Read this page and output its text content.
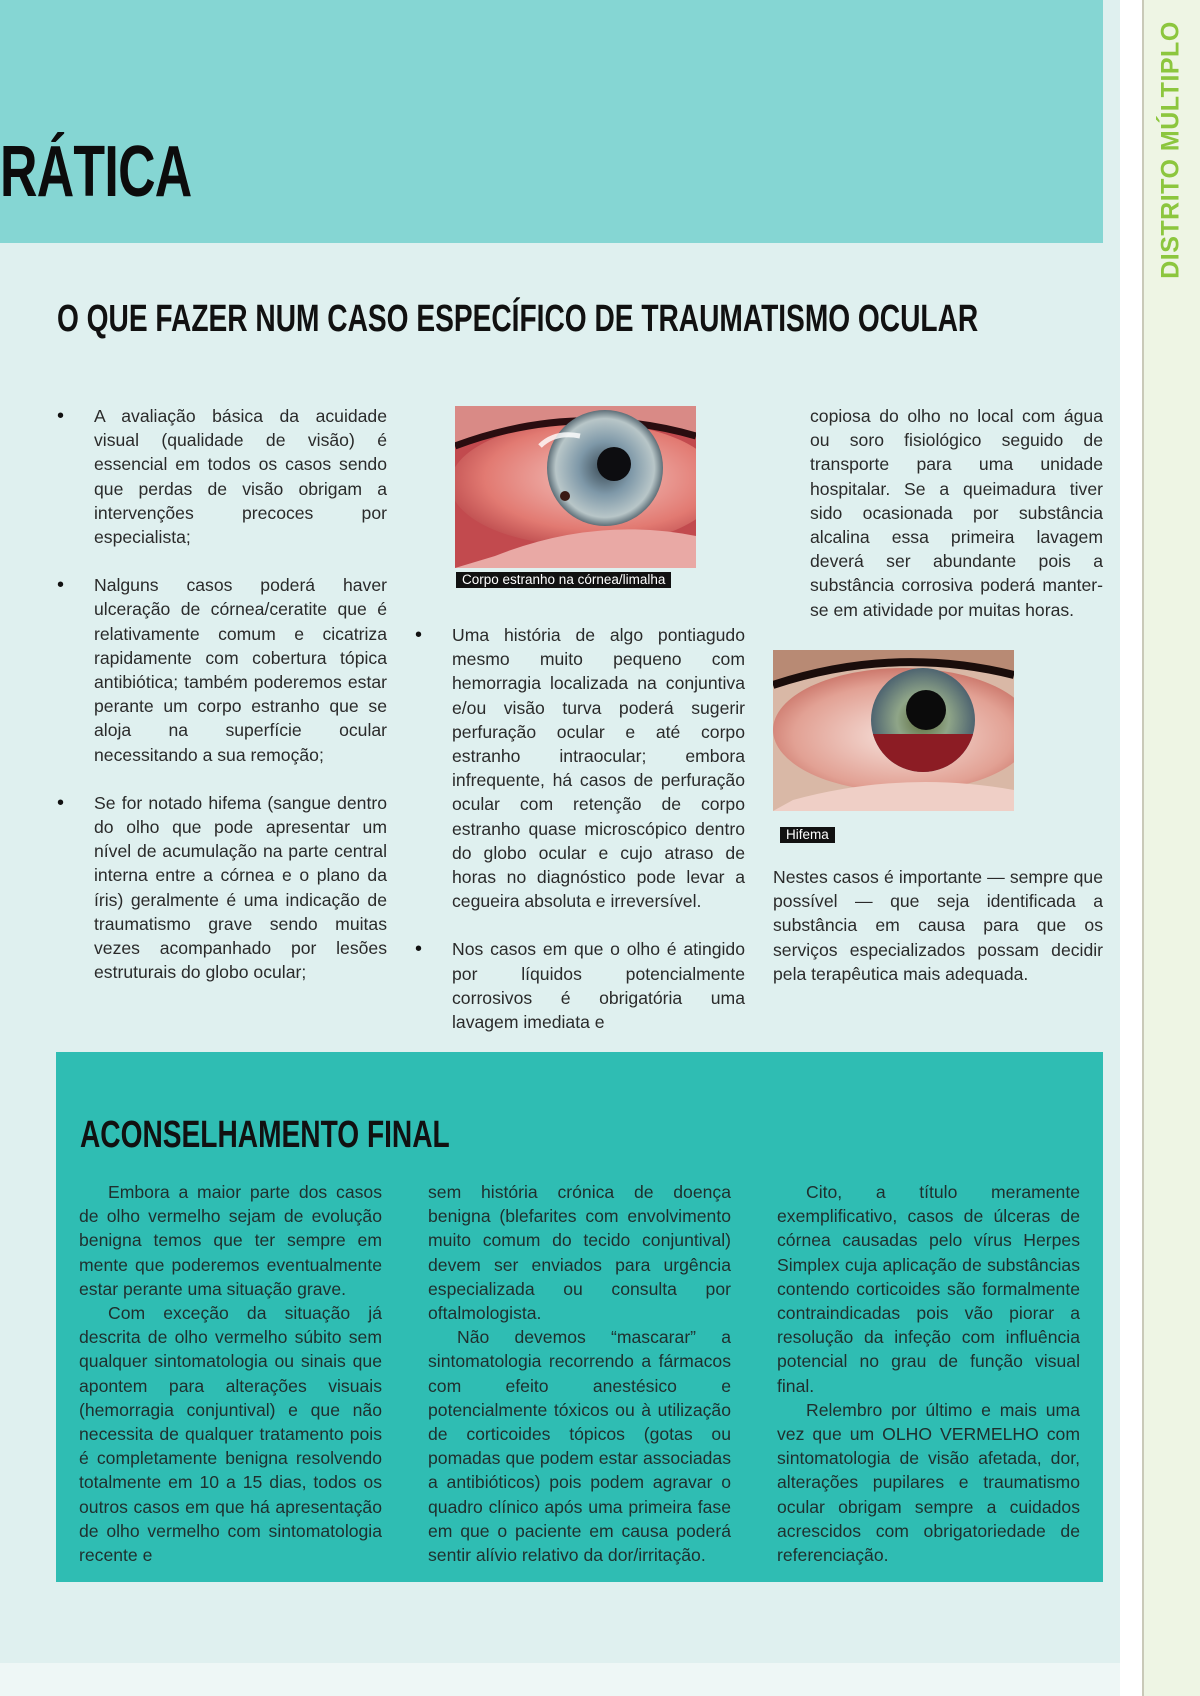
RÁTICA	DISTRITO MÚLTIPLO
O QUE FAZER NUM CASO ESPECÍFICO DE TRAUMATISMO OCULAR
• A avaliação básica da acuidade visual (qualidade de visão) é essencial em todos os casos sendo que perdas de visão obrigam a intervenções precoces por especialista;
• Nalguns casos poderá haver ulceração de córnea/ceratite que é relativamente comum e cicatriza rapidamente com cobertura tópica antibiótica; também poderemos estar perante um corpo estranho que se aloja na superfície ocular necessitando a sua remoção;
• Se for notado hifema (sangue dentro do olho que pode apresentar um nível de acumulação na parte central interna entre a córnea e o plano da íris) geralmente é uma indicação de traumatismo grave sendo muitas vezes acompanhado por lesões estruturais do globo ocular;
Corpo estranho na córnea/limalha
• Uma história de algo pontiagudo mesmo muito pequeno com hemorragia localizada na conjuntiva e/ou visão turva poderá sugerir perfuração ocular e até corpo estranho intraocular; embora infrequente, há casos de perfuração ocular com retenção de corpo estranho quase microscópico dentro do globo ocular e cujo atraso de horas no diagnóstico pode levar a cegueira absoluta e irreversível.
• Nos casos em que o olho é atingido por líquidos potencialmente corrosivos é obrigatória uma lavagem imediata e

copiosa do olho no local com água ou soro fisiológico seguido de transporte para uma unidade hospitalar. Se a queimadura tiver sido ocasionada por substância alcalina essa primeira lavagem deverá ser abundante pois a substância corrosiva poderá manter-se em atividade por muitas horas.

Hifema

Nestes casos é importante — sempre que possível — que seja identificada a substância em causa para que os serviços especializados possam decidir pela terapêutica mais adequada.

ACONSELHAMENTO FINAL

Embora a maior parte dos casos de olho vermelho sejam de evolução benigna temos que ter sempre em mente que poderemos eventualmente estar perante uma situação grave.

Com exceção da situação já descrita de olho vermelho súbito sem qualquer sintomatologia ou sinais que apontem para alterações visuais (hemorragia conjuntival) e que não necessita de qualquer tratamento pois é completamente benigna resolvendo totalmente em 10 a 15 dias, todos os outros casos em que há apresentação de olho vermelho com sintomatologia recente e

sem história crónica de doença benigna (blefarites com envolvimento muito comum do tecido conjuntival) devem ser enviados para urgência especializada ou consulta por oftalmologista.

Não devemos “mascarar” a sintomatologia recorrendo a fármacos com efeito anestésico e potencialmente tóxicos ou à utilização de corticoides tópicos (gotas ou pomadas que podem estar associadas a antibióticos) pois podem agravar o quadro clínico após uma primeira fase em que o paciente em causa poderá sentir alívio relativo da dor/irritação.

Cito, a título meramente exemplificativo, casos de úlceras de córnea causadas pelo vírus Herpes Simplex cuja aplicação de substâncias contendo corticoides são formalmente contraindicadas pois vão piorar a resolução da infeção com influência potencial no grau de função visual final.

Relembro por último e mais uma vez que um OLHO VERMELHO com sintomatologia de visão afetada, dor, alterações pupilares e traumatismo ocular obrigam sempre a cuidados acrescidos com obrigatoriedade de referenciação.
